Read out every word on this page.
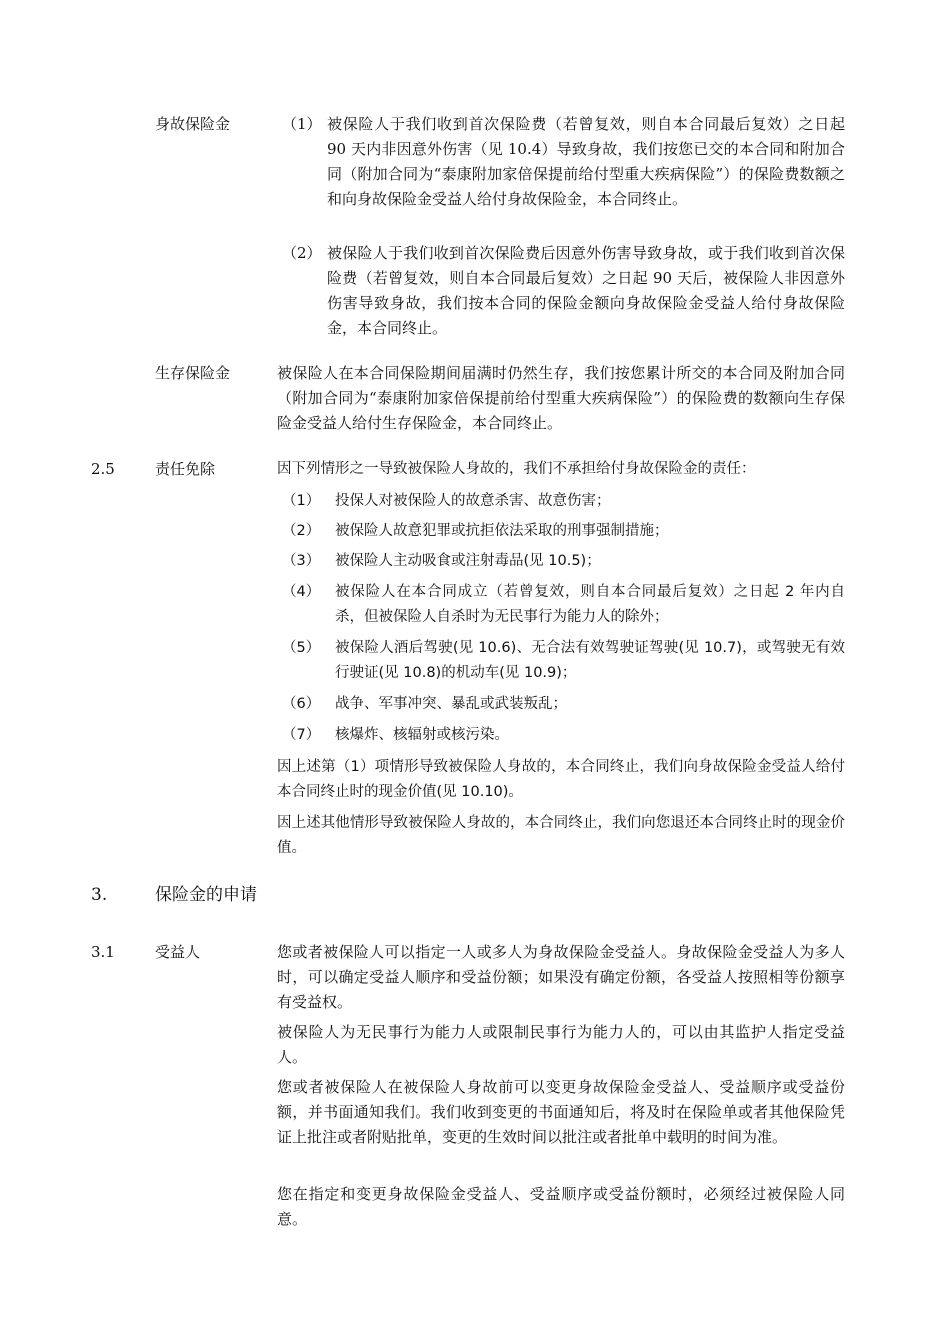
身故保险金	（1） 被保险人于我们收到首次保险费（若曾复效，则自本合同最后复效）之日起 90 天内非因意外伤害（见 10.4）导致身故，我们按您已交的本合同和附加合同（附加合同为“泰康附加家倍保提前给付型重大疾病保险”）的保险费数额之和向身故保险金受益人给付身故保险金，本合同终止。
（2） 被保险人于我们收到首次保险费后因意外伤害导致身故，或于我们收到首次保险费（若曾复效，则自本合同最后复效）之日起 90 天后，被保险人非因意外伤害导致身故，我们按本合同的保险金额向身故保险金受益人给付身故保险金，本合同终止。
生存保险金	被保险人在本合同保险期间届满时仍然生存，我们按您累计所交的本合同及附加合同（附加合同为“泰康附加家倍保提前给付型重大疾病保险”）的保险费的数额向生存保险金受益人给付生存保险金，本合同终止。
2.5	责任免除	因下列情形之一导致被保险人身故的，我们不承担给付身故保险金的责任：
（1）	投保人对被保险人的故意杀害、故意伤害；
（2）	被保险人故意犯罪或抗拒依法采取的刑事强制措施；
（3）	被保险人主动吸食或注射毒品(见 10.5)；
（4）	被保险人在本合同成立（若曾复效，则自本合同最后复效）之日起 2 年内自杀，但被保险人自杀时为无民事行为能力人的除外；
（5）	被保险人酒后驾驶(见 10.6)、无合法有效驾驶证驾驶(见 10.7)，或驾驶无有效行驶证(见 10.8)的机动车(见 10.9)；
（6）	战争、军事冲突、暴乱或武装叛乱；
（7）	核爆炸、核辐射或核污染。
因上述第（1）项情形导致被保险人身故的，本合同终止，我们向身故保险金受益人给付本合同终止时的现金价值(见 10.10)。
因上述其他情形导致被保险人身故的，本合同终止，我们向您退还本合同终止时的现金价值。
3.	保险金的申请
3.1	受益人	您或者被保险人可以指定一人或多人为身故保险金受益人。身故保险金受益人为多人时，可以确定受益人顺序和受益份额；如果没有确定份额，各受益人按照相等份额享有受益权。
被保险人为无民事行为能力人或限制民事行为能力人的，可以由其监护人指定受益人。
您或者被保险人在被保险人身故前可以变更身故保险金受益人、受益顺序或受益份额，并书面通知我们。我们收到变更的书面通知后，将及时在保险单或者其他保险凭证上批注或者附贴批单，变更的生效时间以批注或者批单中载明的时间为准。
您在指定和变更身故保险金受益人、受益顺序或受益份额时，必须经过被保险人同意。
